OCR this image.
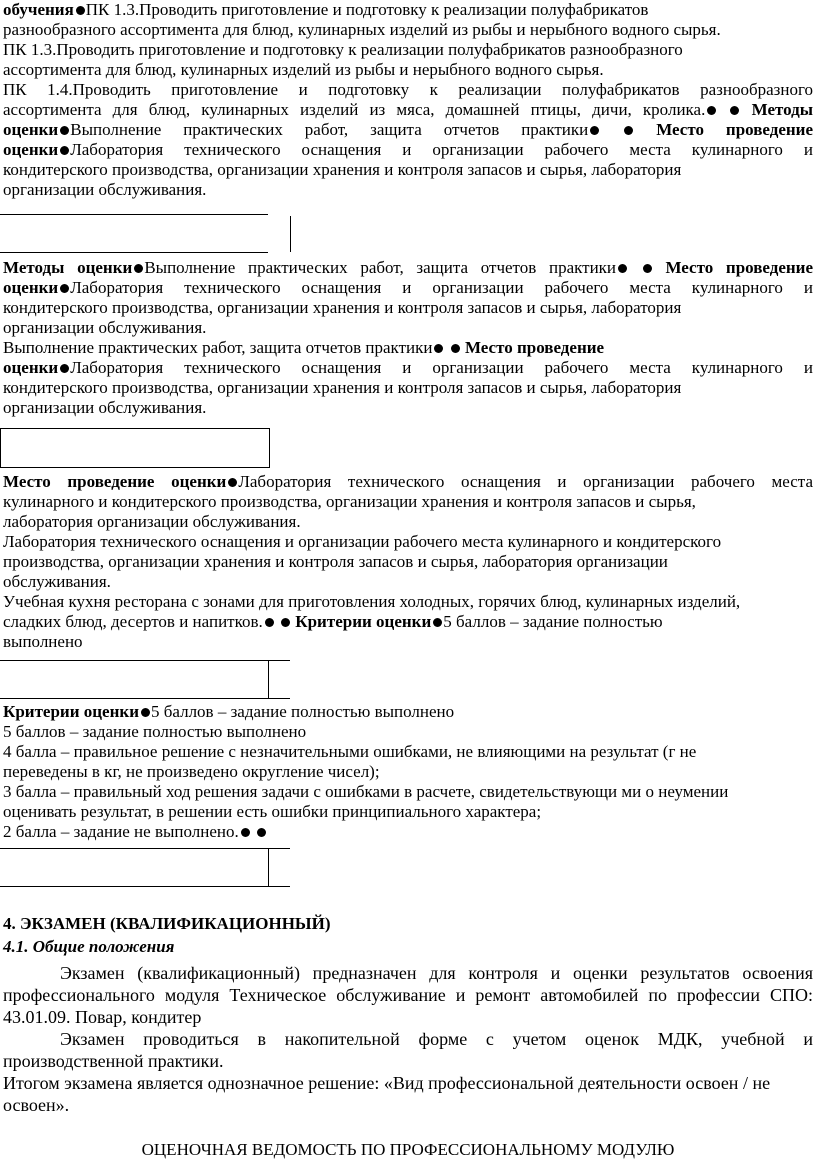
обучения ПК 1.3.Проводить приготовление и подготовку к реализации полуфабрикатов
разнообразного ассортимента для блюд, кулинарных изделий из рыбы и нерыбного водного сырья.
ПК 1.3.Проводить приготовление и подготовку к реализации полуфабрикатов разнообразного
ассортимента для блюд, кулинарных изделий из рыбы и нерыбного водного сырья.
ПК 1.4.Проводить приготовление и подготовку к реализации полуфабрикатов разнообразного
ассортимента для блюд, кулинарных изделий из мяса, домашней птицы, дичи, кролика.	Методы
оценки Выполнение практических работ, защита отчетов практики	Место проведение
оценки Лаборатория технического оснащения и организации рабочего места кулинарного и
кондитерского производства, организации хранения и контроля запасов и сырья, лаборатория
организации обслуживания.
Методы оценки Выполнение практических работ, защита отчетов практики	Место проведение
оценки Лаборатория технического оснащения и организации рабочего места кулинарного и
кондитерского производства, организации хранения и контроля запасов и сырья, лаборатория
организации обслуживания.
Выполнение практических работ, защита отчетов практики Место проведение
оценки Лаборатория технического оснащения и организации рабочего места кулинарного и
кондитерского производства, организации хранения и контроля запасов и сырья, лаборатория
организации обслуживания.
Место проведение оценки Лаборатория технического оснащения и организации рабочего места
кулинарного и кондитерского производства, организации хранения и контроля запасов и сырья,
лаборатория организации обслуживания.
Лаборатория технического оснащения и организации рабочего места кулинарного и кондитерского
производства, организации хранения и контроля запасов и сырья, лаборатория организации
обслуживания.
Учебная кухня ресторана с зонами для приготовления холодных, горячих блюд, кулинарных изделий,
сладких блюд, десертов и напитков. Критерии оценки 5 баллов – задание полностью
выполнено
Критерии оценки 5 баллов – задание полностью выполнено
5 баллов – задание полностью выполнено
4 балла – правильное решение с незначительными ошибками, не влияющими на результат (г не
переведены в кг, не произведено округление чисел);
3 балла – правильный ход решения задачи с ошибками в расчете, свидетельствующи ми о неумении
оценивать результат, в решении есть ошибки принципиального характера;
2 балла – задание не выполнено.
4. ЭКЗАМЕН (КВАЛИФИКАЦИОННЫЙ)
4.1. Общие положения
Экзамен (квалификационный) предназначен для контроля и оценки результатов освоения профессионального модуля Техническое обслуживание и ремонт автомобилей по профессии СПО: 43.01.09. Повар, кондитер
Экзамен проводиться в накопительной форме с учетом оценок МДК, учебной и производственной практики.
Итогом экзамена является однозначное решение: «Вид профессиональной деятельности освоен / не освоен».
ОЦЕНОЧНАЯ ВЕДОМОСТЬ ПО ПРОФЕССИОНАЛЬНОМУ МОДУЛЮ
